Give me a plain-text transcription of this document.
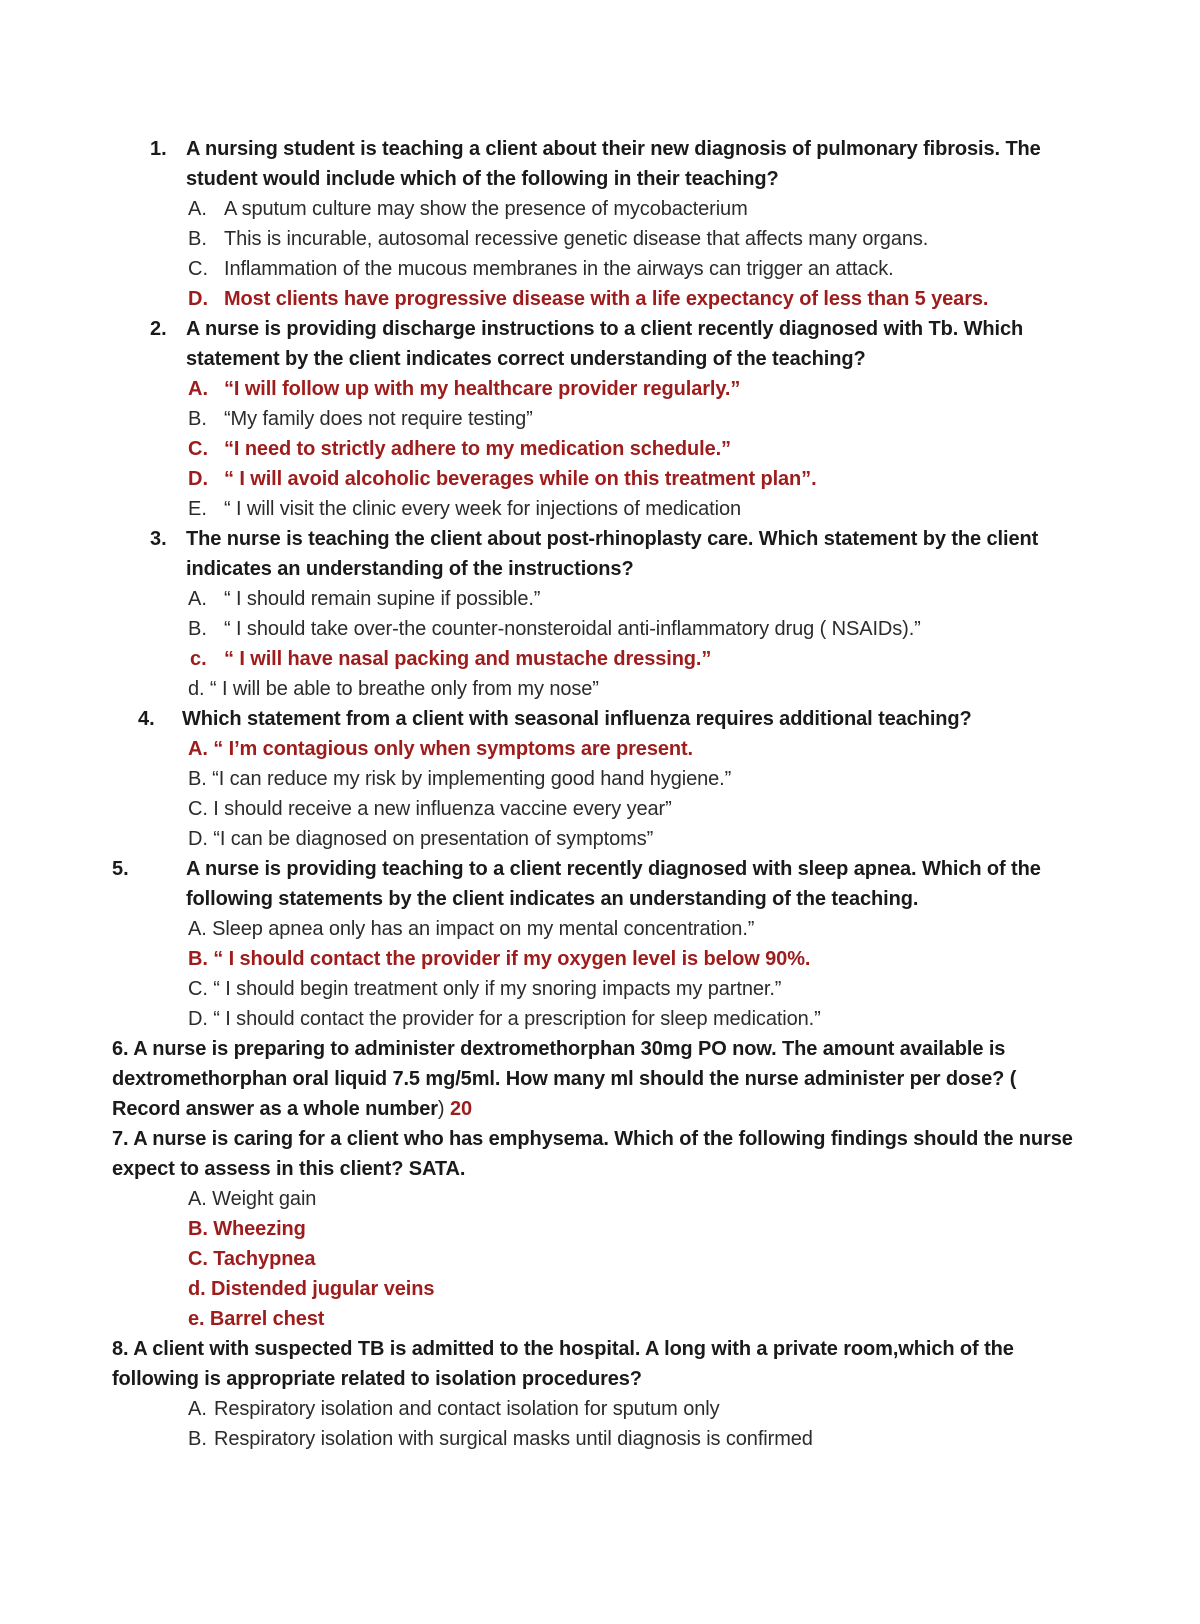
1. A nursing student is teaching a client about their new diagnosis of pulmonary fibrosis. The
student would include which of the following in their teaching?
A. A sputum culture may show the presence of mycobacterium
B. This is incurable, autosomal recessive genetic disease that affects many organs.
C. Inflammation of the mucous membranes in the airways can trigger an attack.
D. Most clients have progressive disease with a life expectancy of less than 5 years.
2. A nurse is providing discharge instructions to a client recently diagnosed with Tb. Which
statement by the client indicates correct understanding of the teaching?
A. “I will follow up with my healthcare provider regularly.”
B. “My family does not require testing”
C. “I need to strictly adhere to my medication schedule.”
D. “ I will avoid alcoholic beverages while on this treatment plan”.
E. “ I will visit the clinic every week for injections of medication
3. The nurse is teaching the client about post-rhinoplasty care. Which statement by the client
indicates an understanding of the instructions?
A. “ I should remain supine if possible.”
B. “ I should take over-the counter-nonsteroidal anti-inflammatory drug ( NSAIDs).”
c. “ I will have nasal packing and mustache dressing.”
d. “ I will be able to breathe only from my nose”
4. Which statement from a client with seasonal influenza requires additional teaching?
A. “ I’m contagious only when symptoms are present.
B. “I can reduce my risk by implementing good hand hygiene.”
C. I should receive a new influenza vaccine every year”
D. “I can be diagnosed on presentation of symptoms”
5.	A nurse is providing teaching to a client recently diagnosed with sleep apnea. Which of the
following statements by the client indicates an understanding of the teaching.
A. Sleep apnea only has an impact on my mental concentration.”
B. “ I should contact the provider if my oxygen level is below 90%.
C. “ I should begin treatment only if my snoring impacts my partner.”
D. “ I should contact the provider for a prescription for sleep medication.”
6. A nurse is preparing to administer dextromethorphan 30mg PO now. The amount available is
dextromethorphan oral liquid 7.5 mg/5ml. How many ml should the nurse administer per dose? (
Record answer as a whole number) 20
7. A nurse is caring for a client who has emphysema. Which of the following findings should the nurse
expect to assess in this client? SATA.
A. Weight gain
B. Wheezing
C. Tachypnea
d. Distended jugular veins
e. Barrel chest
8. A client with suspected TB is admitted to the hospital. A long with a private room,which of the
following is appropriate related to isolation procedures?
A. Respiratory isolation and contact isolation for sputum only
B. Respiratory isolation with surgical masks until diagnosis is confirmed
